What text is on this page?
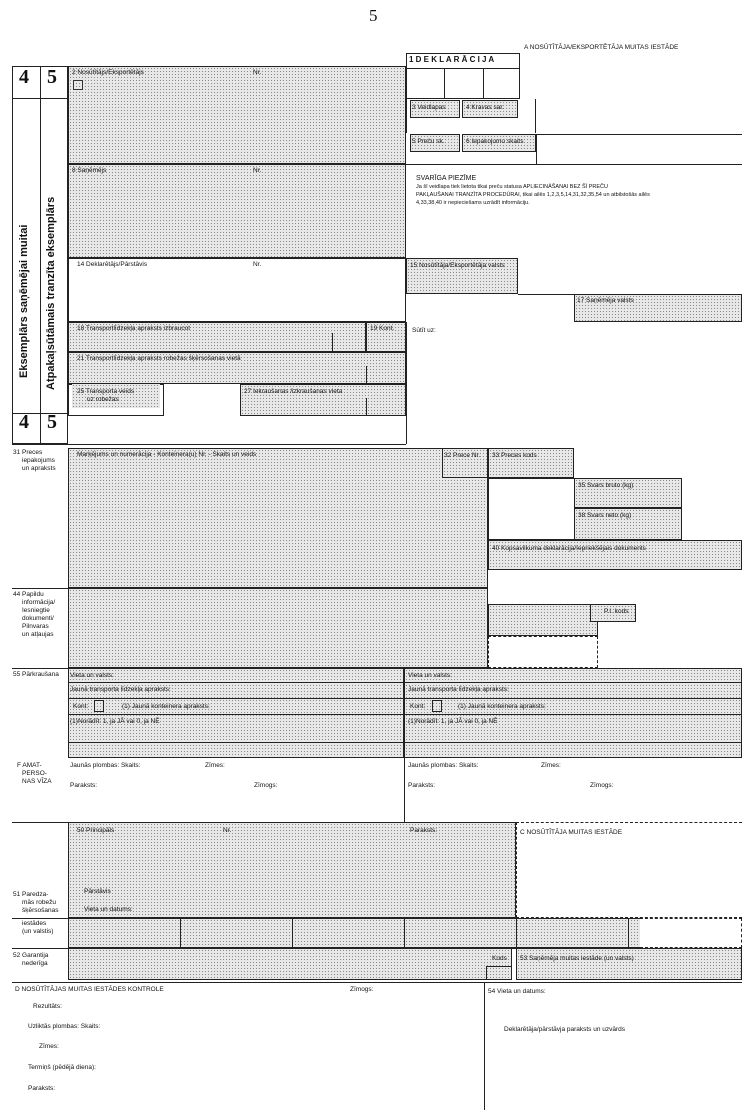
5
A NOSŪTĪTĀJA/EKSPORTĒTĀJA MUITAS IESTĀDE
1 D E K L A R Ā C I J A
4 5
4 5
Eksemplārs saņēmējai muitai Atpakaļsūtāmais tranzīta eksemplārs
2 Nosūtītājs/Eksportētājs	Nr.
3 Veidlapas	4 Kravas sar.
5 Preču sk.	6 Iepakojumu skaits
8 Saņēmējs	Nr.
SVARĪGA PIEZĪME
Ja šī veidlapa tiek lietota tikai preču statusa APLIECINĀŠANAI BEZ ŠĪ PREČU
PAKĻAUŠANAI TRANZĪTA PROCEDŪRAI, tikai ailēs 1,2,3,5,14,31,32,35,54 un atbilstošās ailēs
4,33,38,40 ir nepieciešams uzrādīt informāciju.
14 Deklarētājs/Pārstāvis	Nr.	15 Nosūtītāja/Eksportētāja valsts
17 Saņēmēja valsts
Sūtīt uz:
18 Transportlīdzekļa apraksts izbraucot	19 Kont.
21 Transportlīdzekļa apraksts robežas šķērsošanas vietā
25 Transporta veids
uz robežas
27 Iekraušanas /izkraušanas vieta
31 Preces
iepakojums
un apraksts
Marķējums un numerācija - Konteinera(u) Nr. - Skaits un veids	32 Prece Nr. 33 Preces kods
35 Svars bruto (kg)
38 Svars neto (kg)
40 Kopsavilkuma deklarācija/Iepriekšējais dokuments
44 Papildu
informācija/
Iesniegtie
dokumenti/
Pilnvaras
un atļaujas
P.I. kods
55 Pārkraušana Vieta un valsts:
Jaunā transporta līdzekļa apraksts:
Kont:	(1) Jaunā konteinera apraksts:
(1)Norādīt: 1, ja JĀ vai 0, ja NĒ
Vieta un valsts:
Jaunā transporta līdzekļa apraksts:
Kont:	(1) Jaunā konteinera apraksts:
(1)Norādīt: 1, ja JĀ vai 0, ja NĒ
F AMAT-
PERSO-
NAS VĪZA
Jaunās plombas: Skaits:	Zīmes:
Paraksts:	Zīmogs:
Jaunās plombas: Skaits:	Zīmes:
Paraksts:	Zīmogs:
50 Principāls	Nr.	Paraksts:
Pārstāvis
Vieta un datums:
C NOSŪTĪTĀJA MUITAS IESTĀDE
51 Paredza-
mās robežu
šķērsošanas
iestādes
(un valstis)
52 Garantija
nederīga
Kods 53 Saņēmēja muitas iestāde (un valsts)
D NOSŪTĪTĀJAS MUITAS IESTĀDES KONTROLE	Zīmogs:
Rezultāts:
Uzliktās plombas: Skaits:
Zīmes:
Termiņš (pēdējā diena):
Paraksts:
54 Vieta un datums:
Deklarētāja/pārstāvja paraksts un uzvārds
